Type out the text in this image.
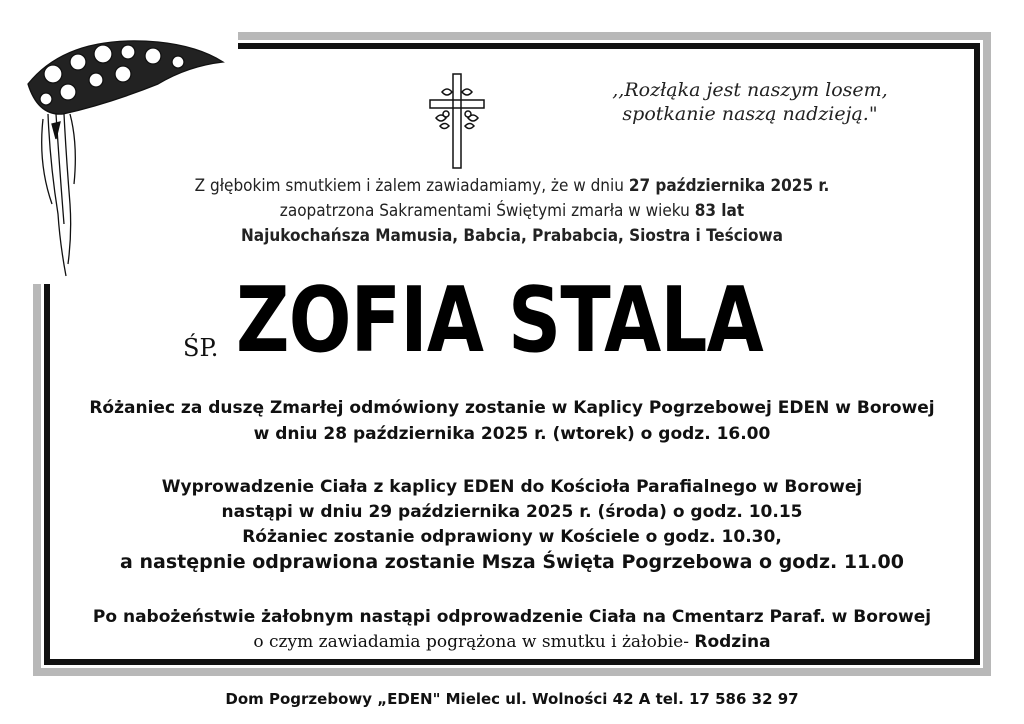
,,Rozłąka jest naszym losem,
spotkanie naszą nadzieją."
Z głębokim smutkiem i żalem zawiadamiamy, że w dniu 27 października 2025 r.
zaopatrzona Sakramentami Świętymi zmarła w wieku 83 lat
Najukochańsza Mamusia, Babcia, Prababcia, Siostra i Teściowa
ŚP. ZOFIA STALA
Różaniec za duszę Zmarłej odmówiony zostanie w Kaplicy Pogrzebowej EDEN w Borowej
w dniu 28 października 2025 r. (wtorek) o godz. 16.00
Wyprowadzenie Ciała z kaplicy EDEN do Kościoła Parafialnego w Borowej
nastąpi w dniu 29 października 2025 r. (środa) o godz. 10.15
Różaniec zostanie odprawiony w Kościele o godz. 10.30,
a następnie odprawiona zostanie Msza Święta Pogrzebowa o godz. 11.00
Po nabożeństwie żałobnym nastąpi odprowadzenie Ciała na Cmentarz Paraf. w Borowej
o czym zawiadamia pogrążona w smutku i żałobie- Rodzina
Dom Pogrzebowy „EDEN" Mielec ul. Wolności 42 A tel. 17 586 32 97
